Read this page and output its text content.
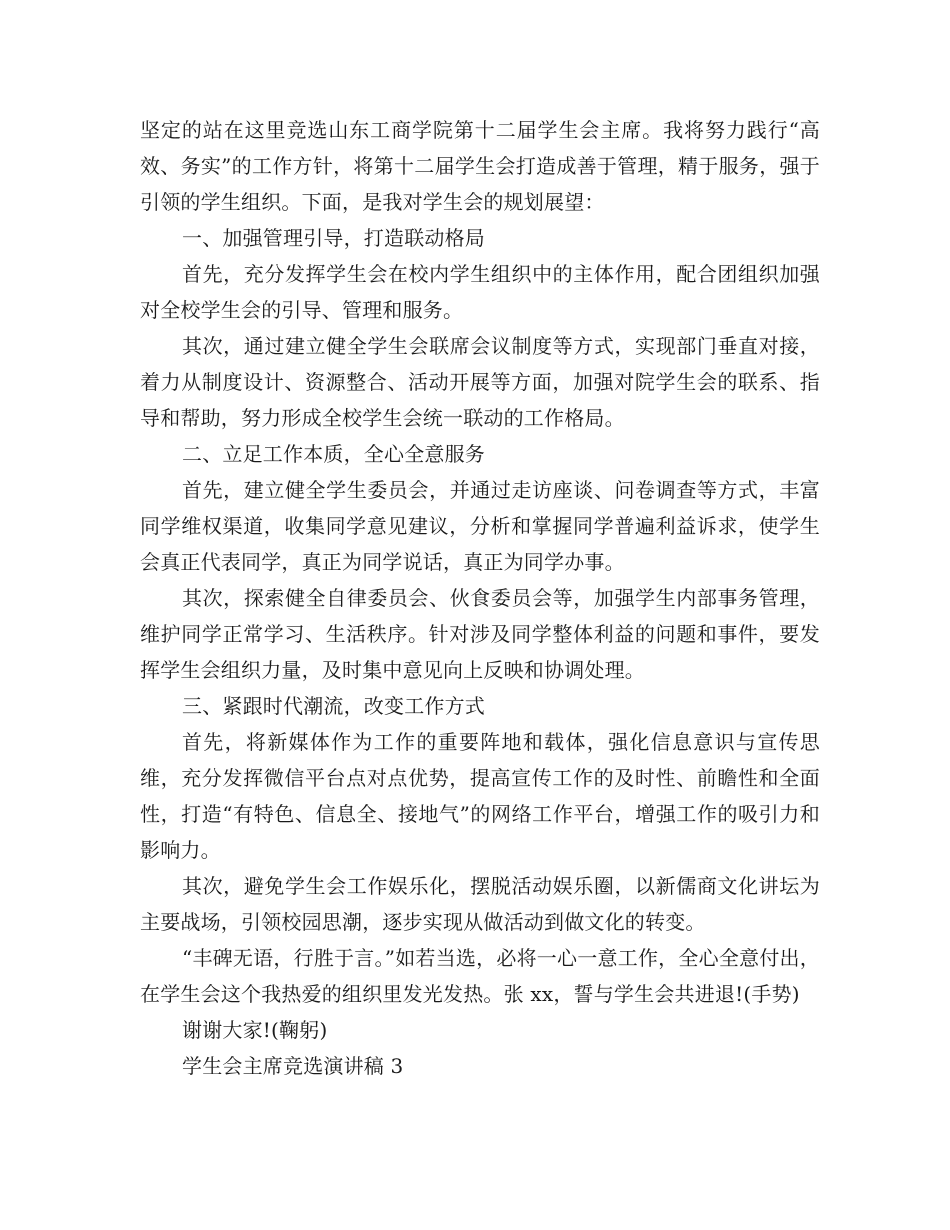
坚定的站在这里竞选山东工商学院第十二届学生会主席。我将努力践行“高效、务实”的工作方针，将第十二届学生会打造成善于管理，精于服务，强于引领的学生组织。下面，是我对学生会的规划展望：

一、加强管理引导，打造联动格局

首先，充分发挥学生会在校内学生组织中的主体作用，配合团组织加强对全校学生会的引导、管理和服务。

其次，通过建立健全学生会联席会议制度等方式，实现部门垂直对接，着力从制度设计、资源整合、活动开展等方面，加强对院学生会的联系、指导和帮助，努力形成全校学生会统一联动的工作格局。

二、立足工作本质，全心全意服务

首先，建立健全学生委员会，并通过走访座谈、问卷调查等方式，丰富同学维权渠道，收集同学意见建议，分析和掌握同学普遍利益诉求，使学生会真正代表同学，真正为同学说话，真正为同学办事。

其次，探索健全自律委员会、伙食委员会等，加强学生内部事务管理，维护同学正常学习、生活秩序。针对涉及同学整体利益的问题和事件，要发挥学生会组织力量，及时集中意见向上反映和协调处理。

三、紧跟时代潮流，改变工作方式

首先，将新媒体作为工作的重要阵地和载体，强化信息意识与宣传思维，充分发挥微信平台点对点优势，提高宣传工作的及时性、前瞻性和全面性，打造“有特色、信息全、接地气”的网络工作平台，增强工作的吸引力和影响力。

其次，避免学生会工作娱乐化，摆脱活动娱乐圈，以新儒商文化讲坛为主要战场，引领校园思潮，逐步实现从做活动到做文化的转变。

“丰碑无语，行胜于言。”如若当选，必将一心一意工作，全心全意付出，在学生会这个我热爱的组织里发光发热。张 xx，誓与学生会共进退!(手势)

谢谢大家!(鞠躬)

学生会主席竞选演讲稿 3
